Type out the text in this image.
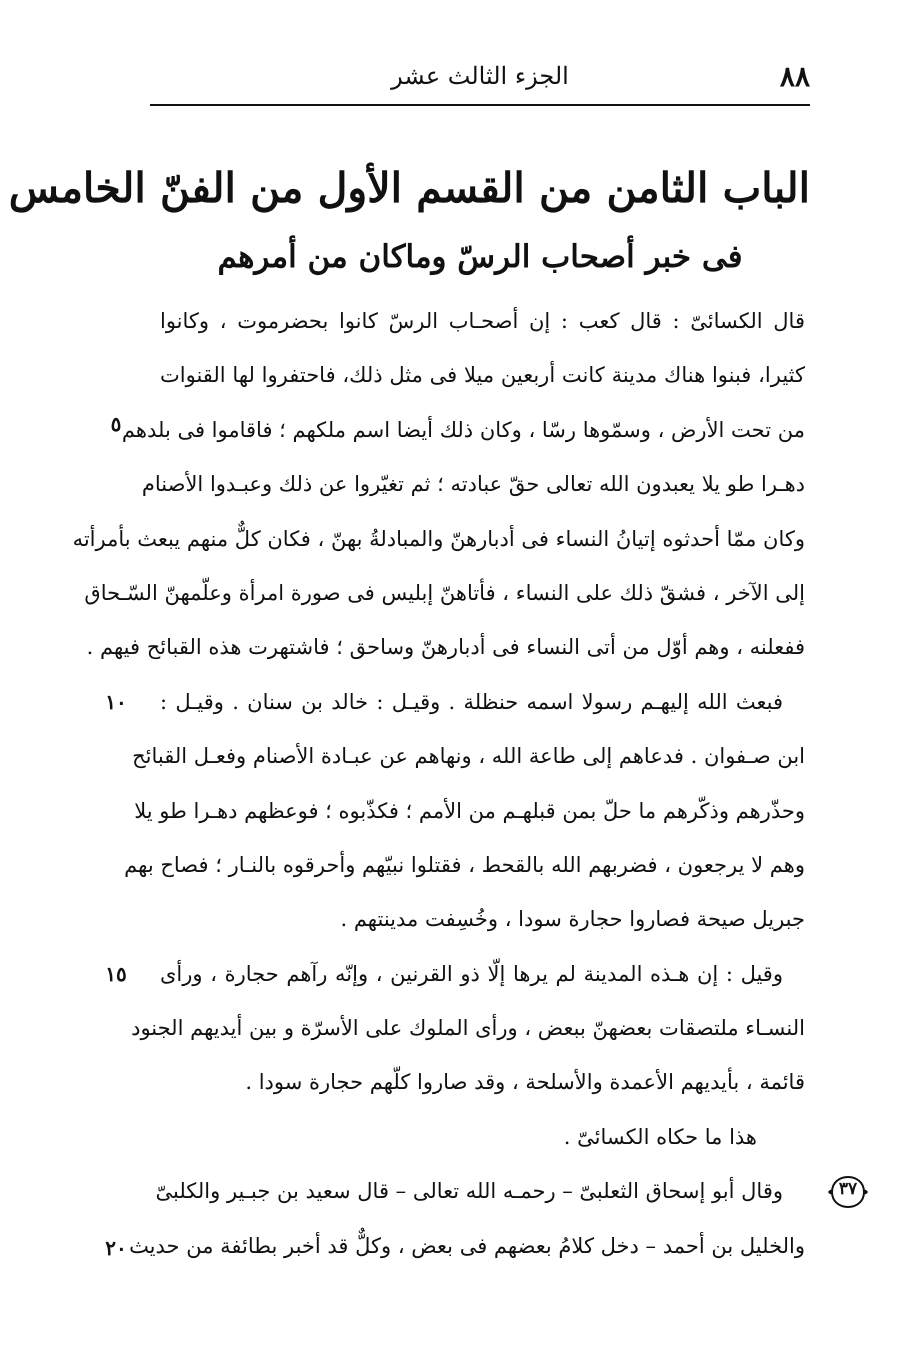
٨٨
الجزء الثالث عشر
الباب الثامن من القسم الأول من الفنّ الخامس
فى خبر أصحاب الرسّ وماكان من أمرهم
قال الكسائىّ : قال كعب : إن أصحـاب الرسّ كانوا بحضرموت ، وكانوا
كثيرا، فبنوا هناك مدينة كانت أربعين ميلا فى مثل ذلك، فاحتفروا لها القنوات
من تحت الأرض ، وسمّوها رسّا ، وكان ذلك أيضا اسم ملكهم ؛ فاقاموا فى بلدهم
دهـرا طو يلا يعبدون الله تعالى حقّ عبادته ؛ ثم تغيّروا عن ذلك وعبـدوا الأصنام
وكان ممّا أحدثوه إتيانُ النساء فى أدبارهنّ والمبادلةُ بهنّ ، فكان كلٌّ منهم يبعث بأمرأته
إلى الآخر ، فشقّ ذلك على النساء ، فأتاهنّ إبليس فى صورة امرأة وعلّمهنّ السّـحاق
ففعلنه ، وهم أوّل من أتى النساء فى أدبارهنّ وساحق ؛ فاشتهرت هذه القبائح فيهم .
فبعث الله إليهـم رسولا اسمه حنظلة . وقيـل : خالد بن سنان . وقيـل :
ابن صـفوان . فدعاهم إلى طاعة الله ، ونهاهم عن عبـادة الأصنام وفعـل القبائح
وحذّرهم وذكّرهم ما حلّ بمن قبلهـم من الأمم ؛ فكذّبوه ؛ فوعظهم دهـرا طو يلا
وهم لا يرجعون ، فضربهم الله بالقحط ، فقتلوا نبيّهم وأحرقوه بالنـار ؛ فصاح بهم
جبريل صيحة فصاروا حجارة سودا ، وخُسِفت مدينتهم .
وقيل : إن هـذه المدينة لم يرها إلّا ذو القرنين ، وإنّه رآهم حجارة ، ورأى
النسـاء ملتصقات بعضهنّ ببعض ، ورأى الملوك على الأسرّة و بين أيديهم الجنود
قائمة ، بأيديهم الأعمدة والأسلحة ، وقد صاروا كلّهم حجارة سودا .
هذا ما حكاه الكسائىّ .
وقال أبو إسحاق الثعلبىّ – رحمـه الله تعالى – قال سعيد بن جبـير والكلبىّ
والخليل بن أحمد – دخل كلامُ بعضهم فى بعض ، وكلٌّ قد أخبر بطائفة من حديث
٥
١٠
١٥
٢٠
٣٧
